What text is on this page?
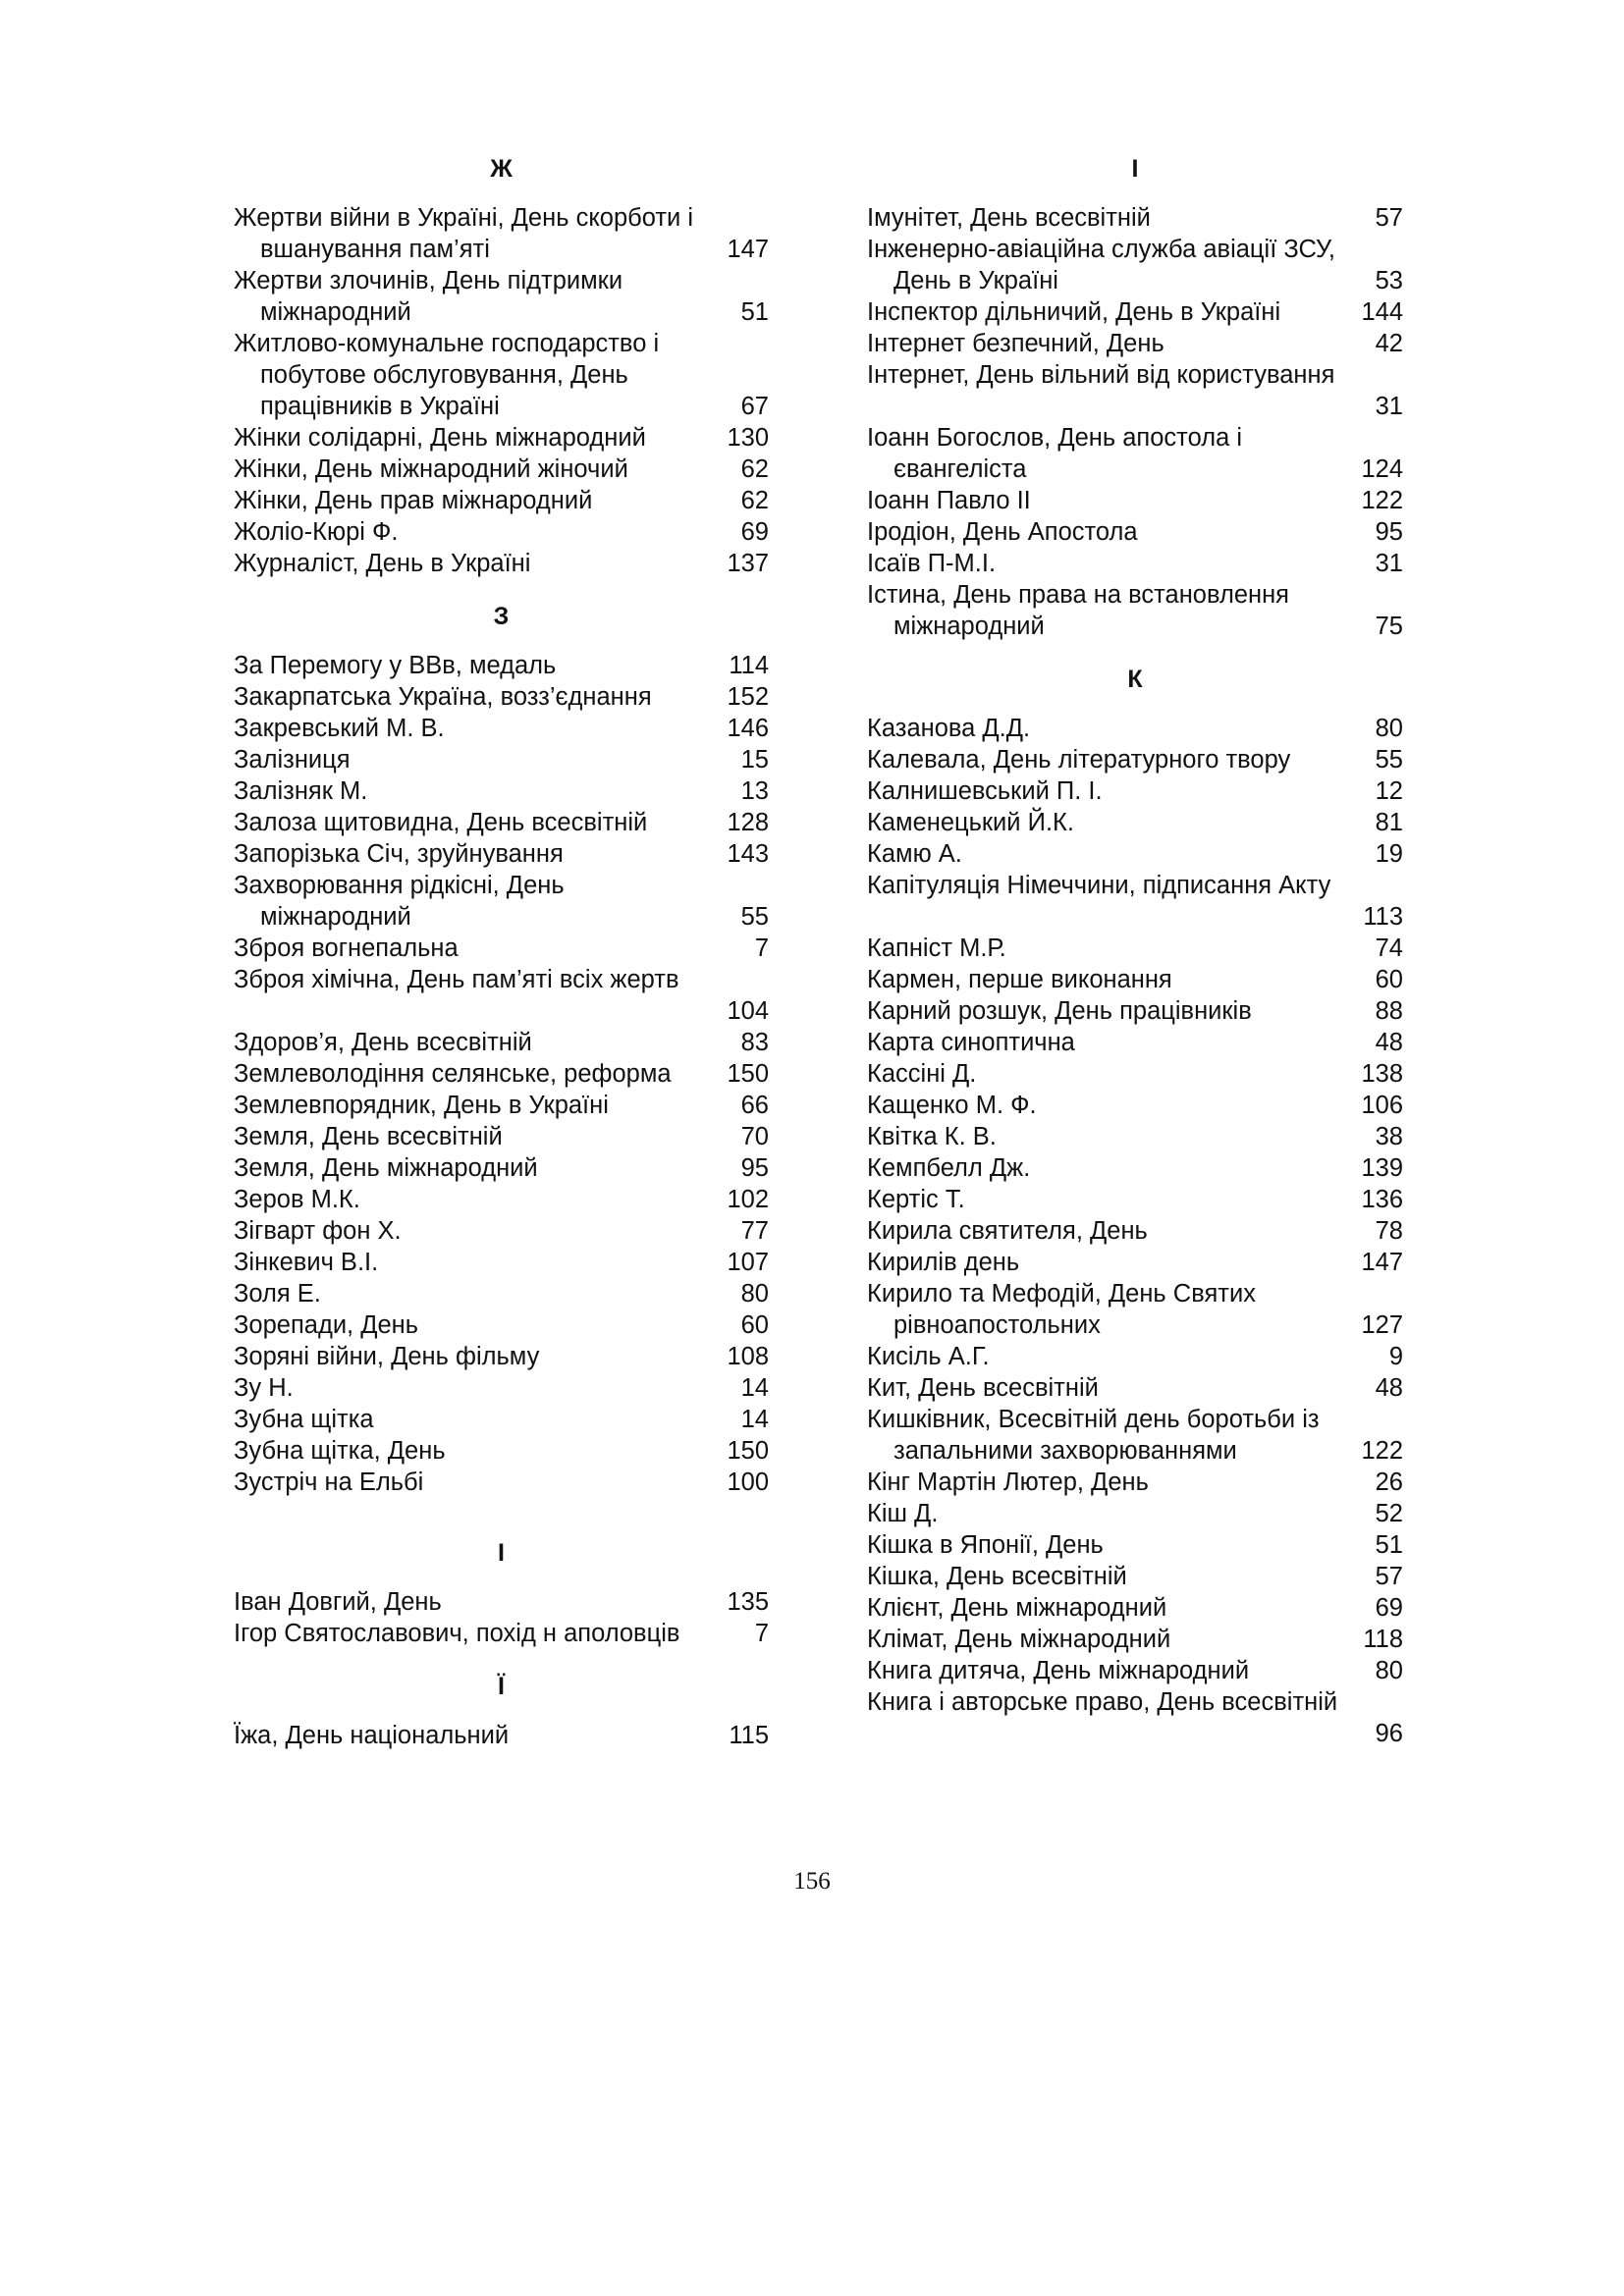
Ж
Жертви війни в Україні, День скорботи і
вшанування пам’яті	147
Жертви злочинів, День підтримки
міжнародний	51
Житлово-комунальне господарство і
побутове обслуговування, День
працівників в Україні	67
Жінки солідарні, День міжнародний	130
Жінки, День міжнародний жіночий	62
Жінки, День прав міжнародний	62
Жоліо-Кюрі Ф.	69
Журналіст, День в Україні	137
З
За Перемогу у ВВв, медаль	114
Закарпатська Україна, возз’єднання	152
Закревський М. В.	146
Залізниця	15
Залізняк М.	13
Залоза щитовидна, День всесвітній	128
Запорізька Січ, зруйнування	143
Захворювання рідкісні, День
міжнародний	55
Зброя вогнепальна	7
Зброя хімічна, День пам’яті всіх жертв
104
Здоров’я, День всесвітній	83
Землеволодіння селянське, реформа 150
Землевпорядник, День в Україні	66
Земля, День всесвітній	70
Земля, День міжнародний	95
Зеров М.К.	102
Зігварт фон Х.	77
Зінкевич В.І.	107
Золя Е.	80
Зорепади, День	60
Зоряні війни, День фільму	108
Зу Н.	14
Зубна щітка	14
Зубна щітка, День	150
Зустріч на Ельбі	100
І
Іван Довгий, День	135
Ігор Святославович, похід н аполовців	7
Ї
Їжа, День національний	115
І
Імунітет, День всесвітній	57
Інженерно-авіаційна служба авіації ЗСУ,
День в Україні	53
Інспектор дільничий, День в Україні	144
Інтернет безпечний, День	42
Інтернет, День вільний від користування
31
Іоанн Богослов, День апостола і
євангеліста	124
Іоанн Павло ІІ	122
Іродіон, День Апостола	95
Ісаїв П-М.І.	31
Істина, День права на встановлення
міжнародний	75
К
Казанова Д.Д.	80
Калевала, День літературного твору	55
Калнишевський П. І.	12
Каменецький Й.К.	81
Камю А.	19
Капітуляція Німеччини, підписання Акту
113
Капніст М.Р.	74
Кармен, перше виконання	60
Карний розшук, День працівників	88
Карта синоптична	48
Кассіні Д.	138
Кащенко М. Ф.	106
Квітка К. В.	38
Кемпбелл Дж.	139
Кертіс Т.	136
Кирила святителя, День	78
Кирилів день	147
Кирило та Мефодій, День Святих
рівноапостольних	127
Кисіль А.Г.	9
Кит, День всесвітній	48
Кишківник, Всесвітній день боротьби із
запальними захворюваннями	122
Кінг Мартін Лютер, День	26
Кіш Д.	52
Кішка в Японії, День	51
Кішка, День всесвітній	57
Клієнт, День міжнародний	69
Клімат, День міжнародний	118
Книга дитяча, День міжнародний	80
Книга і авторське право, День всесвітній
96
156
